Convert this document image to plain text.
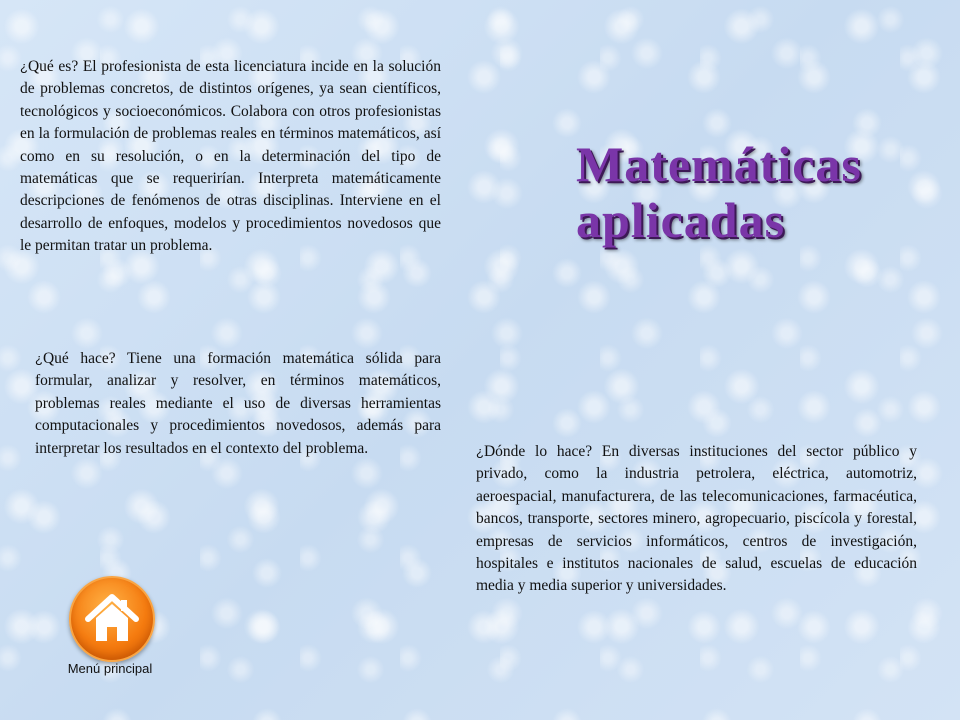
¿Qué es? El profesionista de esta licenciatura incide en la solución de problemas concretos, de distintos orígenes, ya sean científicos, tecnológicos y socioeconómicos. Colabora con otros profesionistas en la formulación de problemas reales en términos matemáticos, así como en su resolución, o en la determinación del tipo de matemáticas que se requerirían. Interpreta matemáticamente descripciones de fenómenos de otras disciplinas. Interviene en el desarrollo de enfoques, modelos y procedimientos novedosos que le permitan tratar un problema.

Matemáticas
aplicadas

¿Qué hace? Tiene una formación matemática sólida para formular, analizar y resolver, en términos matemáticos, problemas reales mediante el uso de diversas herramientas computacionales y procedimientos novedosos, además para interpretar los resultados en el contexto del problema.	¿Dónde lo hace? En diversas instituciones del sector público y privado, como la industria petrolera, eléctrica, automotriz, aeroespacial, manufacturera, de las telecomunicaciones, farmacéutica, bancos, transporte, sectores minero, agropecuario, piscícola y forestal, empresas de servicios informáticos, centros de investigación, hospitales e institutos nacionales de salud, escuelas de educación media y media superior y universidades.

Menú principal
